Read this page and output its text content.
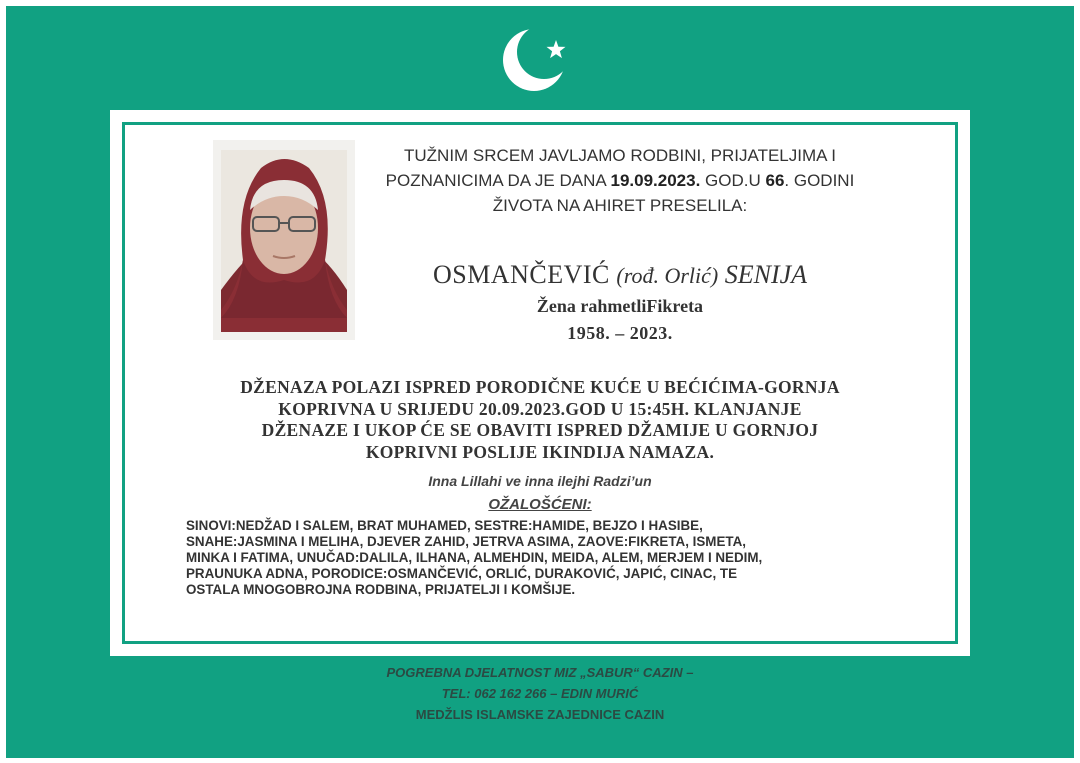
TUŽNIM SRCEM JAVLJAMO RODBINI, PRIJATELJIMA I
POZNANICIMA DA JE DANA 19.09.2023. GOD.U 66. GODINI
ŽIVOTA NA AHIRET PRESELILA:
OSMANČEVIĆ (rođ. Orlić) SENIJA
Žena rahmetliFikreta
1958. – 2023.
DŽENAZA POLAZI ISPRED PORODIČNE KUĆE U BEĆIĆIMA-GORNJA
KOPRIVNA U SRIJEDU 20.09.2023.GOD U 15:45H. KLANJANJE
DŽENAZE I UKOP ĆE SE OBAVITI ISPRED DŽAMIJE U GORNJOJ
KOPRIVNI POSLIJE IKINDIJA NAMAZA.
Inna Lillahi ve inna ilejhi Radzi’un
OŽALOŠĆENI:
SINOVI:NEDŽAD I SALEM, BRAT MUHAMED, SESTRE:HAMIDE, BEJZO I HASIBE,
SNAHE:JASMINA I MELIHA, DJEVER ZAHID, JETRVA ASIMA, ZAOVE:FIKRETA, ISMETA,
MINKA I FATIMA, UNUČAD:DALILA, ILHANA, ALMEHDIN, MEIDA, ALEM, MERJEM I NEDIM,
PRAUNUKA ADNA, PORODICE:OSMANČEVIĆ, ORLIĆ, DURAKOVIĆ, JAPIĆ, CINAC, TE
OSTALA MNOGOBROJNA RODBINA, PRIJATELJI I KOMŠIJE.
POGREBNA DJELATNOST MIZ „SABUR“ CAZIN –
TEL: 062 162 266 – EDIN MURIĆ
MEDŽLIS ISLAMSKE ZAJEDNICE CAZIN
